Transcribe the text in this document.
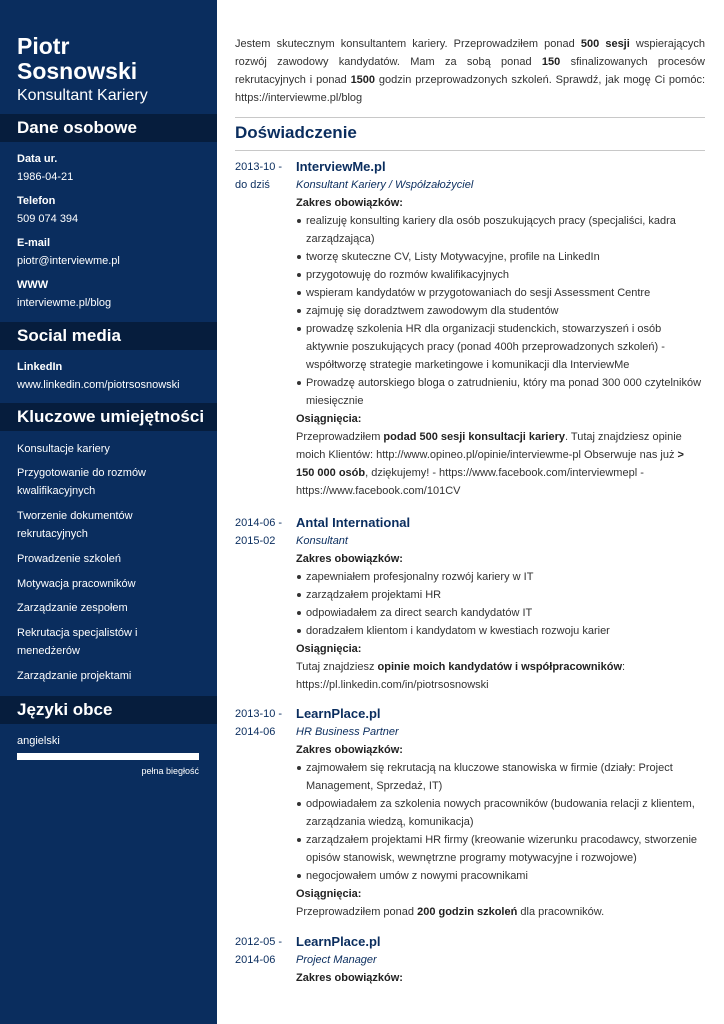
Piotr
Sosnowski
Konsultant Kariery
Dane osobowe
Data ur.
1986-04-21
Telefon
509 074 394
E-mail
piotr@interviewme.pl
WWW
interviewme.pl/blog
Social media
LinkedIn
www.linkedin.com/piotrsosnowski
Kluczowe umiejętności
Konsultacje kariery
Przygotowanie do rozmów kwalifikacyjnych
Tworzenie dokumentów rekrutacyjnych
Prowadzenie szkoleń
Motywacja pracowników
Zarządzanie zespołem
Rekrutacja specjalistów i menedżerów
Zarządzanie projektami
Języki obce
angielski
pełna biegłość
Jestem skutecznym konsultantem kariery. Przeprowadziłem ponad 500 sesji wspierających rozwój zawodowy kandydatów. Mam za sobą ponad 150 sfinalizowanych procesów rekrutacyjnych i ponad 1500 godzin przeprowadzonych szkoleń. Sprawdź, jak mogę Ci pomóc: https://interviewme.pl/blog
Doświadczenie
2013-10 -
do dziś
InterviewMe.pl
Konsultant Kariery / Współzałożyciel
Zakres obowiązków:
realizuję konsulting kariery dla osób poszukujących pracy (specjaliści, kadra zarządzająca)
tworzę skuteczne CV, Listy Motywacyjne, profile na LinkedIn
przygotowuję do rozmów kwalifikacyjnych
wspieram kandydatów w przygotowaniach do sesji Assessment Centre
zajmuję się doradztwem zawodowym dla studentów
prowadzę szkolenia HR dla organizacji studenckich, stowarzyszeń i osób aktywnie poszukujących pracy (ponad 400h przeprowadzonych szkoleń) - współtworzę strategie marketingowe i komunikacji dla InterviewMe
Prowadzę autorskiego bloga o zatrudnieniu, który ma ponad 300 000 czytelników miesięcznie
Osiągnięcia:
Przeprowadziłem podad 500 sesji konsultacji kariery. Tutaj znajdziesz opinie moich Klientów: http://www.opineo.pl/opinie/interviewme-pl Obserwuje nas już > 150 000 osób, dziękujemy! - https://www.facebook.com/interviewmepl - https://www.facebook.com/101CV
2014-06 -
2015-02
Antal International
Konsultant
Zakres obowiązków:
zapewniałem profesjonalny rozwój kariery w IT
zarządzałem projektami HR
odpowiadałem za direct search kandydatów IT
doradzałem klientom i kandydatom w kwestiach rozwoju karier
Osiągnięcia:
Tutaj znajdziesz opinie moich kandydatów i współpracowników: https://pl.linkedin.com/in/piotrsosnowski
2013-10 -
2014-06
LearnPlace.pl
HR Business Partner
Zakres obowiązków:
zajmowałem się rekrutacją na kluczowe stanowiska w firmie (działy: Project Management, Sprzedaż, IT)
odpowiadałem za szkolenia nowych pracowników (budowania relacji z klientem, zarządzania wiedzą, komunikacja)
zarządzałem projektami HR firmy (kreowanie wizerunku pracodawcy, stworzenie opisów stanowisk, wewnętrzne programy motywacyjne i rozwojowe)
negocjowałem umów z nowymi pracownikami
Osiągnięcia:
Przeprowadziłem ponad 200 godzin szkoleń dla pracowników.
2012-05 -
2014-06
LearnPlace.pl
Project Manager
Zakres obowiązków:
